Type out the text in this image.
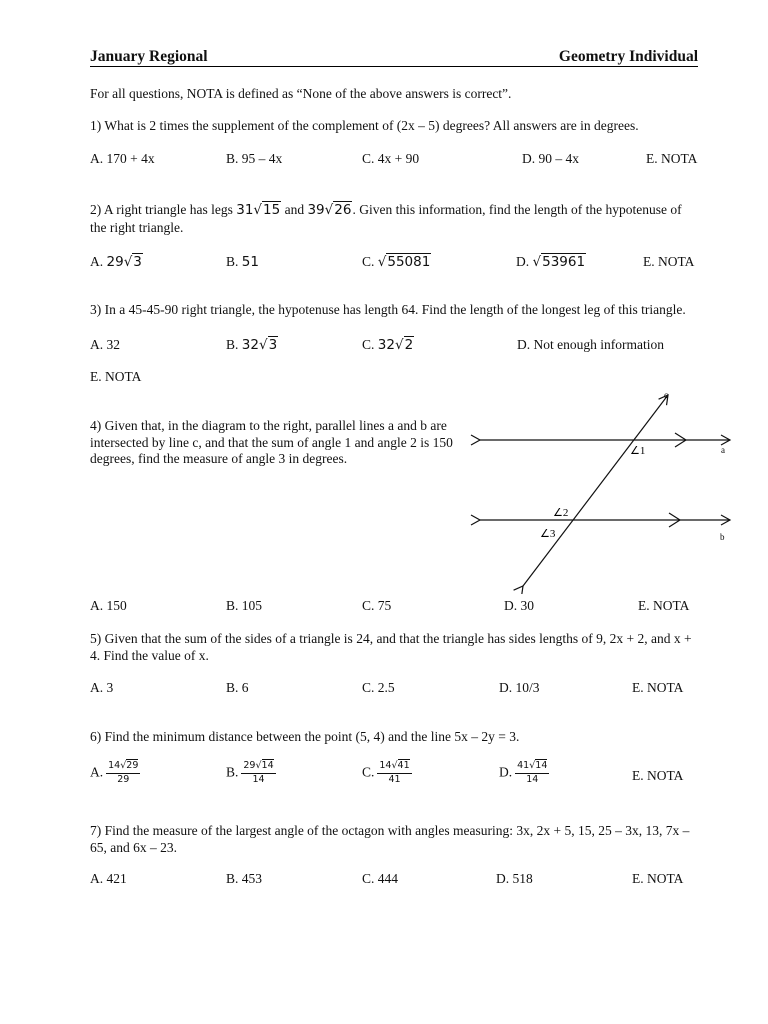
January Regional	Geometry Individual
For all questions, NOTA is defined as “None of the above answers is correct”.
1) What is 2 times the supplement of the complement of (2x – 5) degrees? All answers are in degrees.
A. 170 + 4x	B. 95 – 4x	C. 4x + 90	D. 90 – 4x	E. NOTA
2) A right triangle has legs 31√15 and 39√26. Given this information, find the length of the hypotenuse of the right triangle.
A. 29√3	B. 51	C. √55081	D. √53961	E. NOTA
3) In a 45-45-90 right triangle, the hypotenuse has length 64. Find the length of the longest leg of this triangle.
A. 32	B. 32√3	C. 32√2	D. Not enough information
E. NOTA
4) Given that, in the diagram to the right, parallel lines a and b are intersected by line c, and that the sum of angle 1 and angle 2 is 150 degrees, find the measure of angle 3 in degrees.
c
a
b
∠1
∠2
∠3
A. 150	B. 105	C. 75	D. 30	E. NOTA
5) Given that the sum of the sides of a triangle is 24, and that the triangle has sides lengths of 9, 2x + 2, and x + 4. Find the value of x.
A. 3	B. 6	C. 2.5	D. 10/3	E. NOTA
6) Find the minimum distance between the point (5, 4) and the line 5x – 2y = 3.
A. $\frac{14√29}{29}$	B. $\frac{29√14}{14}$	C. $\frac{14√41}{41}$	D. $\frac{41√14}{14}$	E. NOTA
7) Find the measure of the largest angle of the octagon with angles measuring: 3x, 2x + 5, 15, 25 – 3x, 13, 7x – 65, and 6x – 23.
A. 421	B. 453	C. 444	D. 518	E. NOTA
